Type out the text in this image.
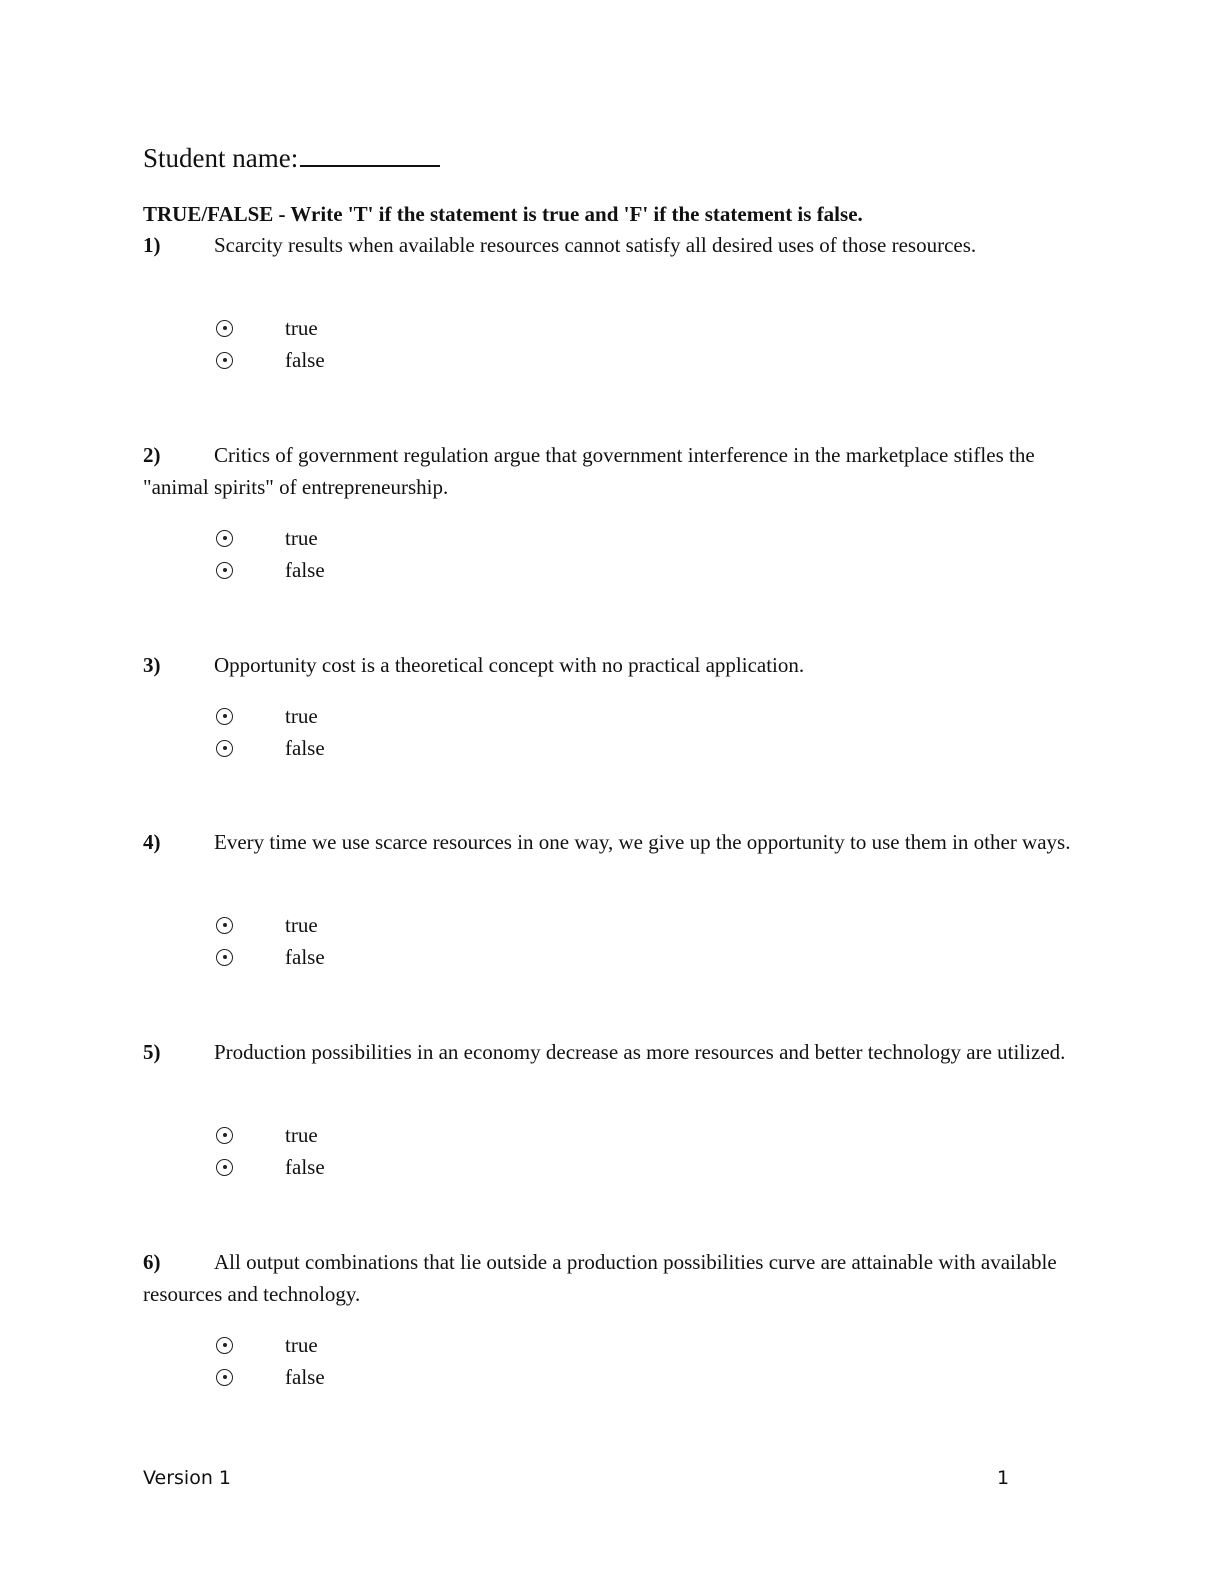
Student name:
TRUE/FALSE - Write 'T' if the statement is true and 'F' if the statement is false.
1)	Scarcity results when available resources cannot satisfy all desired uses of those resources.
true
false
2)	Critics of government regulation argue that government interference in the marketplace stifles the "animal spirits" of entrepreneurship.
true
false
3)	Opportunity cost is a theoretical concept with no practical application.
true
false
4)	Every time we use scarce resources in one way, we give up the opportunity to use them in other ways.
true
false
5)	Production possibilities in an economy decrease as more resources and better technology are utilized.
true
false
6)	All output combinations that lie outside a production possibilities curve are attainable with available resources and technology.
true
false
Version 1	1
